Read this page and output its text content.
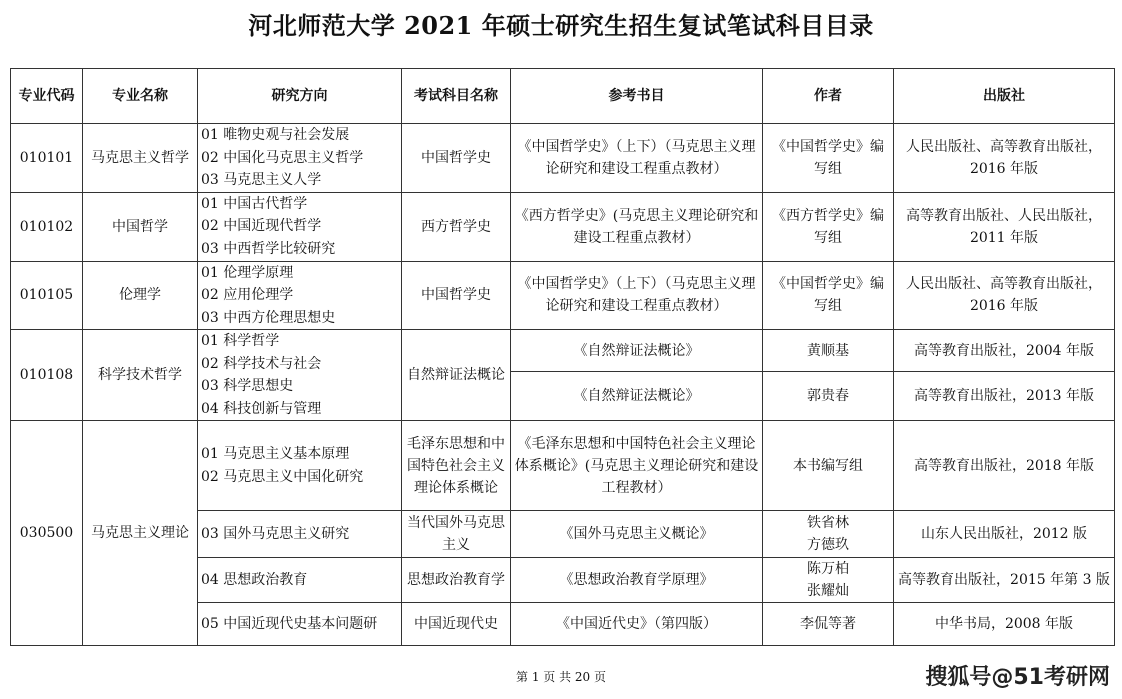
河北师范大学 2021 年硕士研究生招生复试笔试科目目录
专业代码	专业名称	研究方向	考试科目名称	参考书目	作者	出版社
010101	马克思主义哲学	01 唯物史观与社会发展
02 中国化马克思主义哲学
03 马克思主义人学	中国哲学史	《中国哲学史》（上下）（马克思主义理论研究和建设工程重点教材）	《中国哲学史》编写组	人民出版社、高等教育出版社，2016 年版
010102	中国哲学	01 中国古代哲学
02 中国近现代哲学
03 中西哲学比较研究	西方哲学史	《西方哲学史》(马克思主义理论研究和建设工程重点教材）	《西方哲学史》编写组	高等教育出版社、人民出版社，2011 年版
010105	伦理学	01 伦理学原理
02 应用伦理学
03 中西方伦理思想史	中国哲学史	《中国哲学史》（上下）（马克思主义理论研究和建设工程重点教材）	《中国哲学史》编写组	人民出版社、高等教育出版社，2016 年版
010108	科学技术哲学	01 科学哲学
02 科学技术与社会
03 科学思想史
04 科技创新与管理	自然辩证法概论	《自然辩证法概论》	黄顺基	高等教育出版社，2004 年版
				《自然辩证法概论》	郭贵春	高等教育出版社，2013 年版
030500	马克思主义理论	01 马克思主义基本原理
02 马克思主义中国化研究	毛泽东思想和中国特色社会主义理论体系概论	《毛泽东思想和中国特色社会主义理论体系概论》(马克思主义理论研究和建设工程教材）	本书编写组	高等教育出版社，2018 年版

		03 国外马克思主义研究	当代国外马克思主义	《国外马克思主义概论》	铁省林
方德玖	山东人民出版社，2012 版

		04 思想政治教育	思想政治教育学	《思想政治教育学原理》	陈万柏
张耀灿	高等教育出版社，2015 年第 3 版

		05 中国近现代史基本问题研	中国近现代史	《中国近代史》（第四版）	李侃等著	中华书局，2008 年版
第 1 页 共 20 页	搜狐号@51考研网
